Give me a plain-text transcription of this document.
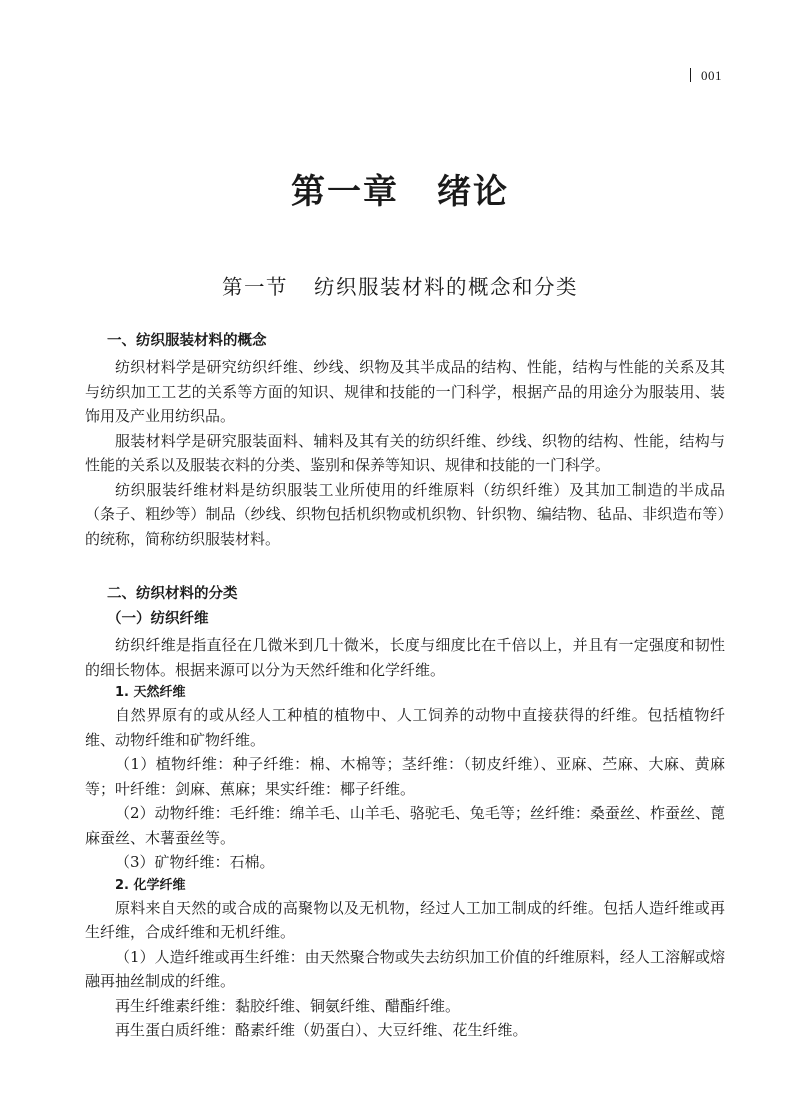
001
第一章 绪论
第一节 纺织服装材料的概念和分类
一、纺织服装材料的概念

纺织材料学是研究纺织纤维、纱线、织物及其半成品的结构、性能，结构与性能的关系及其与纺织加工工艺的关系等方面的知识、规律和技能的一门科学，根据产品的用途分为服装用、装饰用及产业用纺织品。

服装材料学是研究服装面料、辅料及其有关的纺织纤维、纱线、织物的结构、性能，结构与性能的关系以及服装衣料的分类、鉴别和保养等知识、规律和技能的一门科学。

纺织服装纤维材料是纺织服装工业所使用的纤维原料（纺织纤维）及其加工制造的半成品（条子、粗纱等）制品（纱线、织物包括机织物或机织物、针织物、编结物、毡品、非织造布等）的统称，简称纺织服装材料。

二、纺织材料的分类
（一）纺织纤维

纺织纤维是指直径在几微米到几十微米，长度与细度比在千倍以上，并且有一定强度和韧性的细长物体。根据来源可以分为天然纤维和化学纤维。

1. 天然纤维

自然界原有的或从经人工种植的植物中、人工饲养的动物中直接获得的纤维。包括植物纤维、动物纤维和矿物纤维。

（1）植物纤维：种子纤维：棉、木棉等；茎纤维：（韧皮纤维）、亚麻、苎麻、大麻、黄麻等；叶纤维：剑麻、蕉麻；果实纤维：椰子纤维。

（2）动物纤维：毛纤维：绵羊毛、山羊毛、骆驼毛、兔毛等；丝纤维：桑蚕丝、柞蚕丝、蓖麻蚕丝、木薯蚕丝等。

（3）矿物纤维：石棉。

2. 化学纤维

原料来自天然的或合成的高聚物以及无机物，经过人工加工制成的纤维。包括人造纤维或再生纤维，合成纤维和无机纤维。

（1）人造纤维或再生纤维：由天然聚合物或失去纺织加工价值的纤维原料，经人工溶解或熔融再抽丝制成的纤维。

再生纤维素纤维：黏胶纤维、铜氨纤维、醋酯纤维。

再生蛋白质纤维：酪素纤维（奶蛋白）、大豆纤维、花生纤维。
